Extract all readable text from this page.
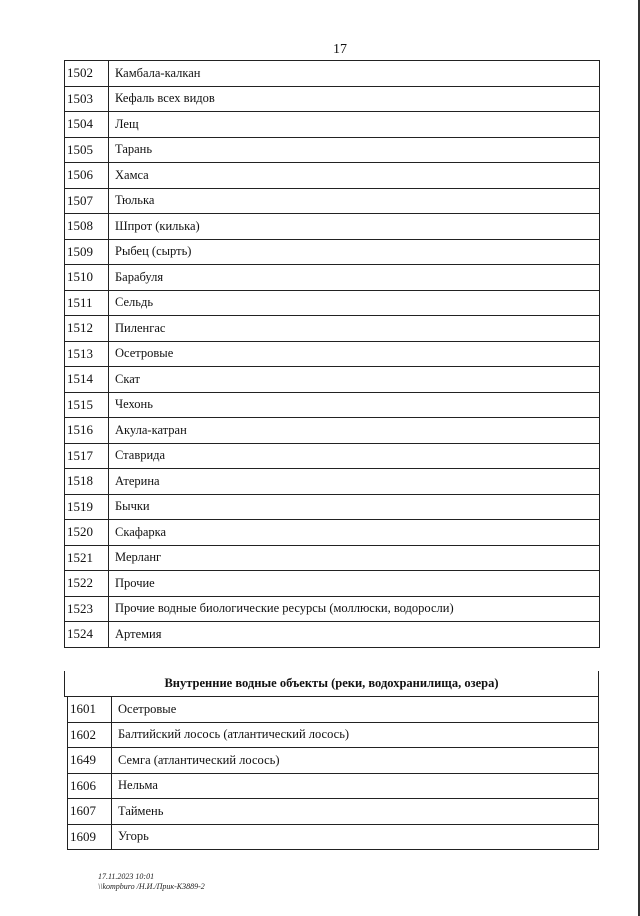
17
1502	Камбала-калкан
1503	Кефаль всех видов
1504	Лещ
1505	Тарань
1506	Хамса
1507	Тюлька
1508	Шпрот (килька)
1509	Рыбец (сырть)
1510	Барабуля
1511	Сельдь
1512	Пиленгас
1513	Осетровые
1514	Скат
1515	Чехонь
1516	Акула-катран
1517	Ставрида
1518	Атерина
1519	Бычки
1520	Скафарка
1521	Мерланг
1522	Прочие
1523	Прочие водные биологические ресурсы (моллюски, водоросли)
1524	Артемия
Внутренние водные объекты (реки, водохранилища, озера)
1601	Осетровые
1602	Балтийский лосось (атлантический лосось)
1649	Семга (атлантический лосось)
1606	Нельма
1607	Таймень
1609	Угорь
17.11.2023 10:01
\\kompburo /Н.И./Прик-К3889-2
